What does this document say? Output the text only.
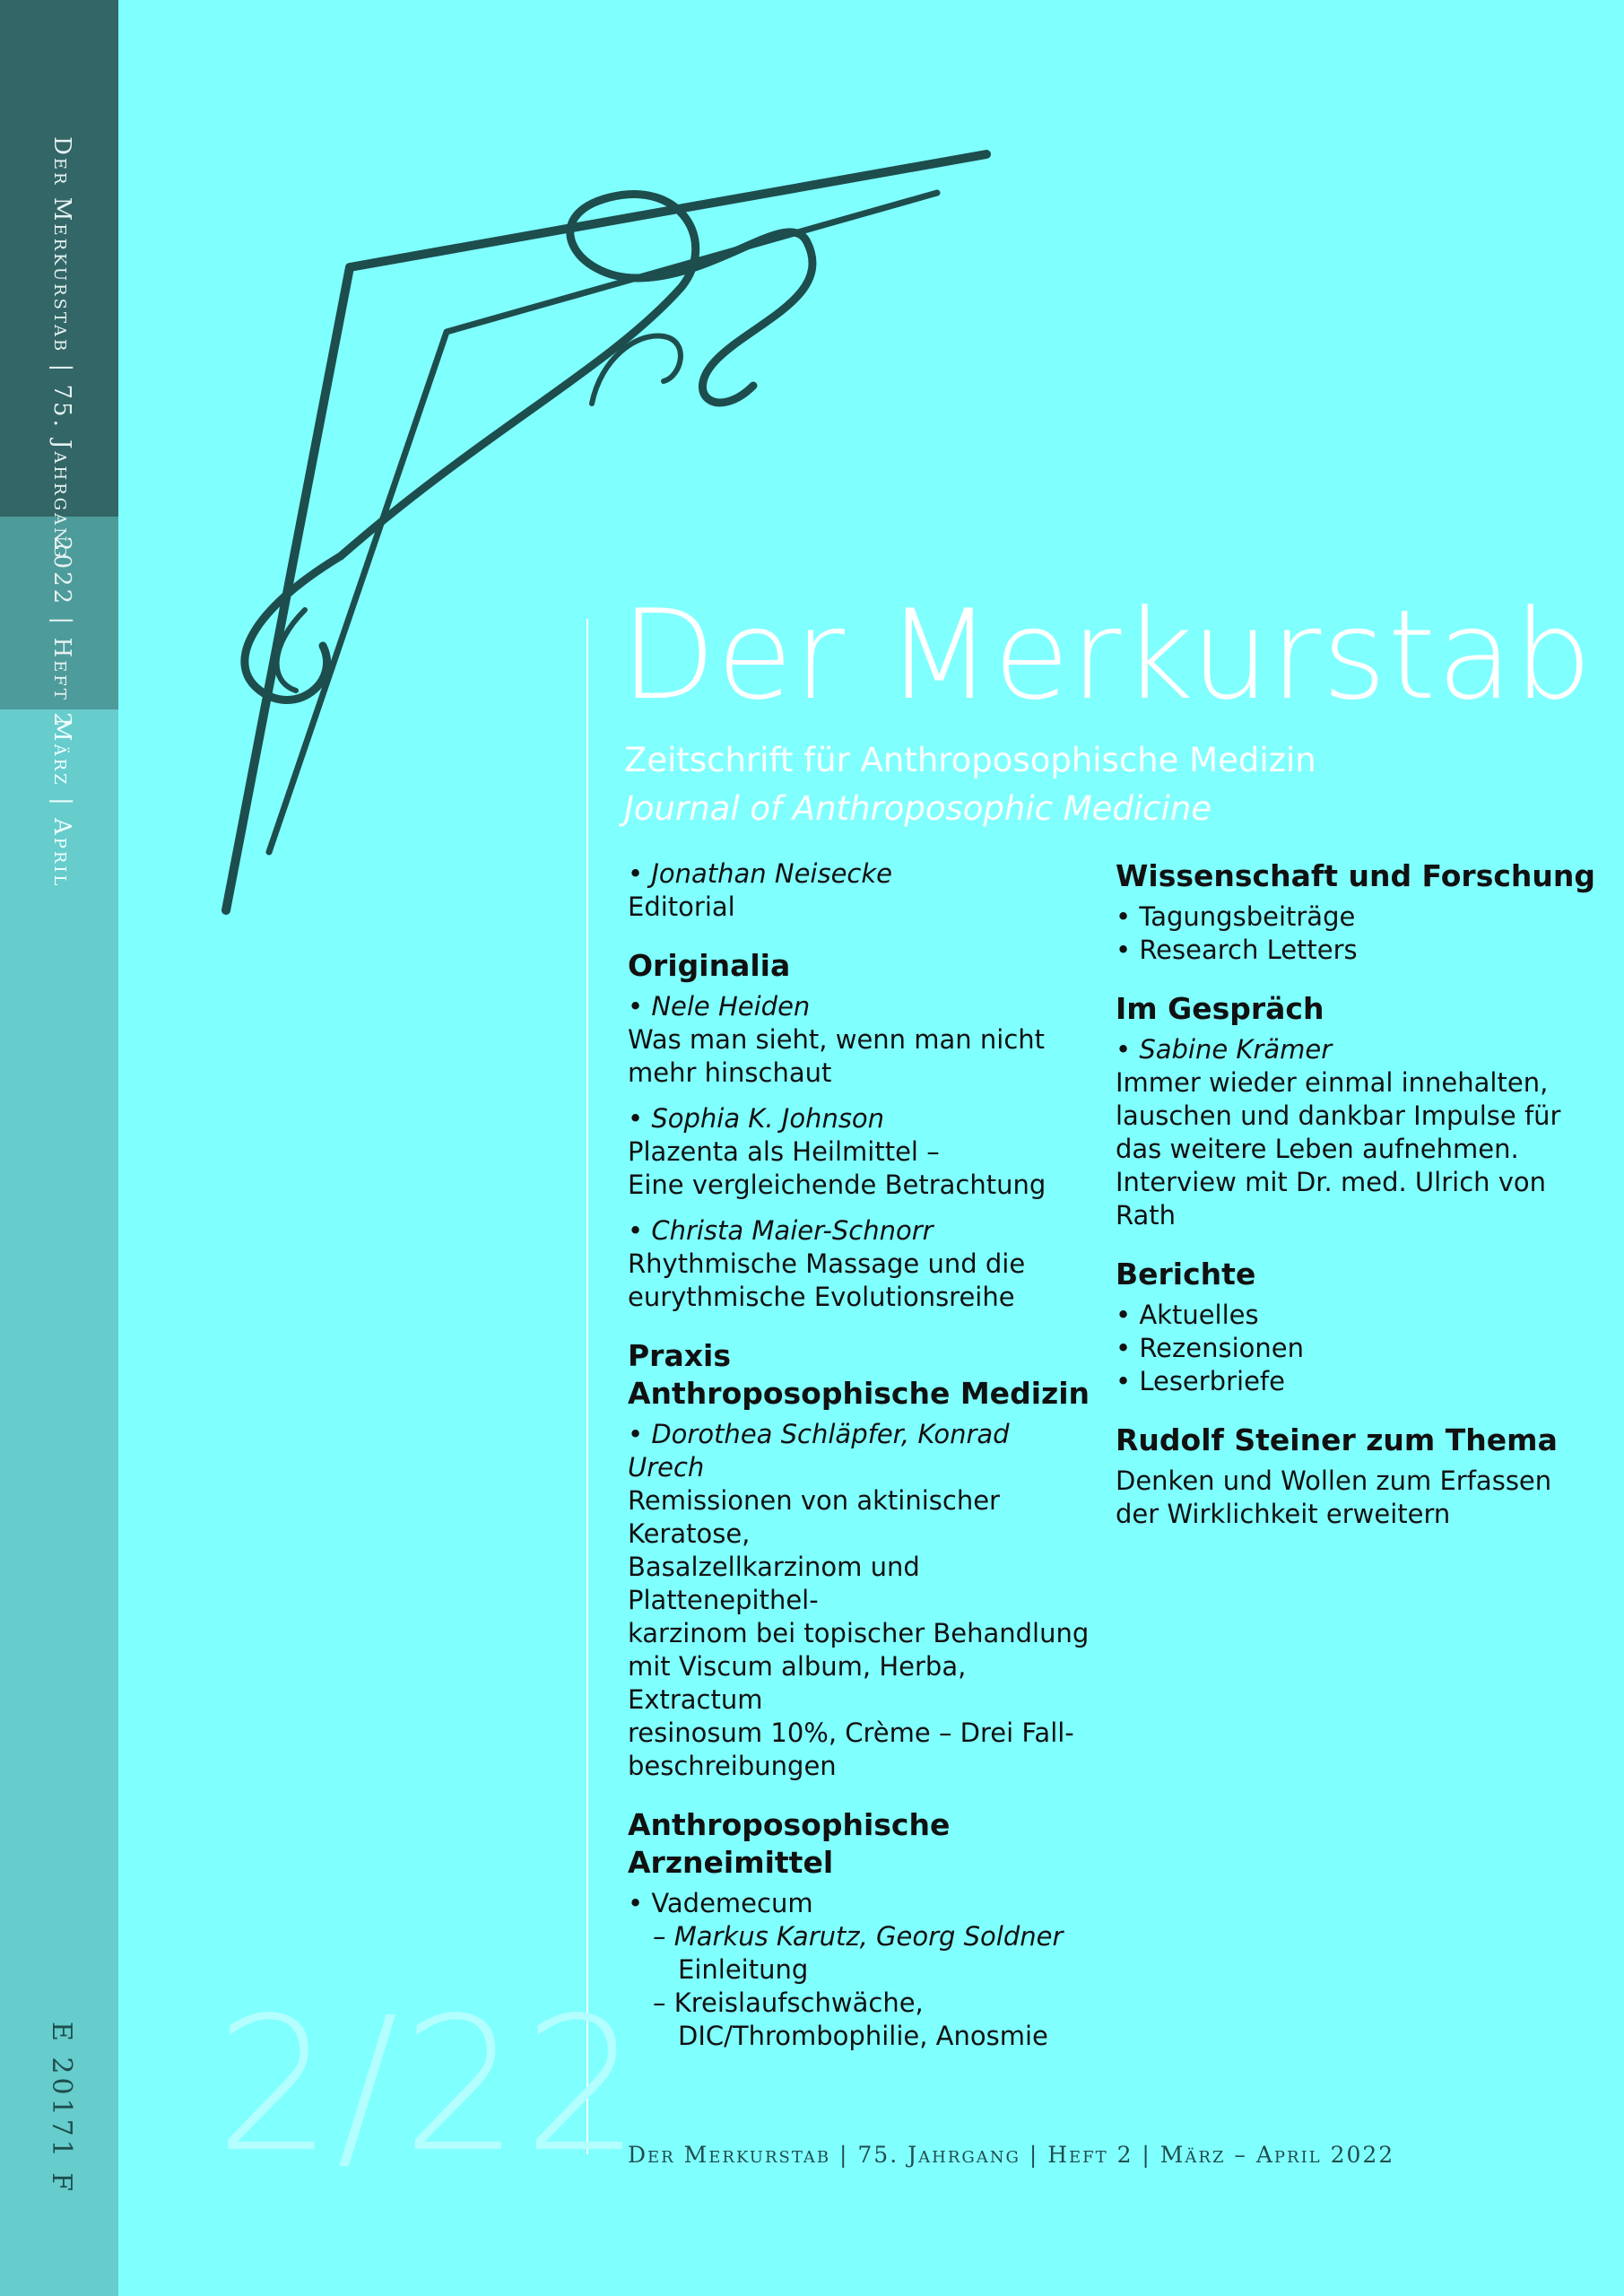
Der Merkurstab | 75. Jahrgang
2022 | Heft 2
März | April
E 20171 F
Der Merkurstab
Zeitschrift für Anthroposophische Medizin
Journal of Anthroposophic Medicine
• Jonathan Neisecke
Editorial
Originalia
• Nele Heiden
Was man sieht, wenn man nicht
mehr hinschaut
• Sophia K. Johnson
Plazenta als Heilmittel –
Eine vergleichende Betrachtung
• Christa Maier-Schnorr
Rhythmische Massage und die
eurythmische Evolutionsreihe
Praxis
Anthroposophische Medizin
• Dorothea Schläpfer, Konrad Urech
Remissionen von aktinischer Keratose,
Basalzellkarzinom und Plattenepithel-
karzinom bei topischer Behandlung
mit Viscum album, Herba, Extractum
resinosum 10%, Crème – Drei Fall-
beschreibungen
Anthroposophische Arzneimittel
• Vademecum
– Markus Karutz, Georg Soldner
Einleitung
– Kreislaufschwäche,
DIC/Thrombophilie, Anosmie
Wissenschaft und Forschung
• Tagungsbeiträge
• Research Letters
Im Gespräch
• Sabine Krämer
Immer wieder einmal innehalten,
lauschen und dankbar Impulse für
das weitere Leben aufnehmen.
Interview mit Dr. med. Ulrich von Rath
Berichte
• Aktuelles
• Rezensionen
• Leserbriefe
Rudolf Steiner zum Thema
Denken und Wollen zum Erfassen
der Wirklichkeit erweitern
2/22
Der Merkurstab | 75. Jahrgang | Heft 2 | März – April 2022
